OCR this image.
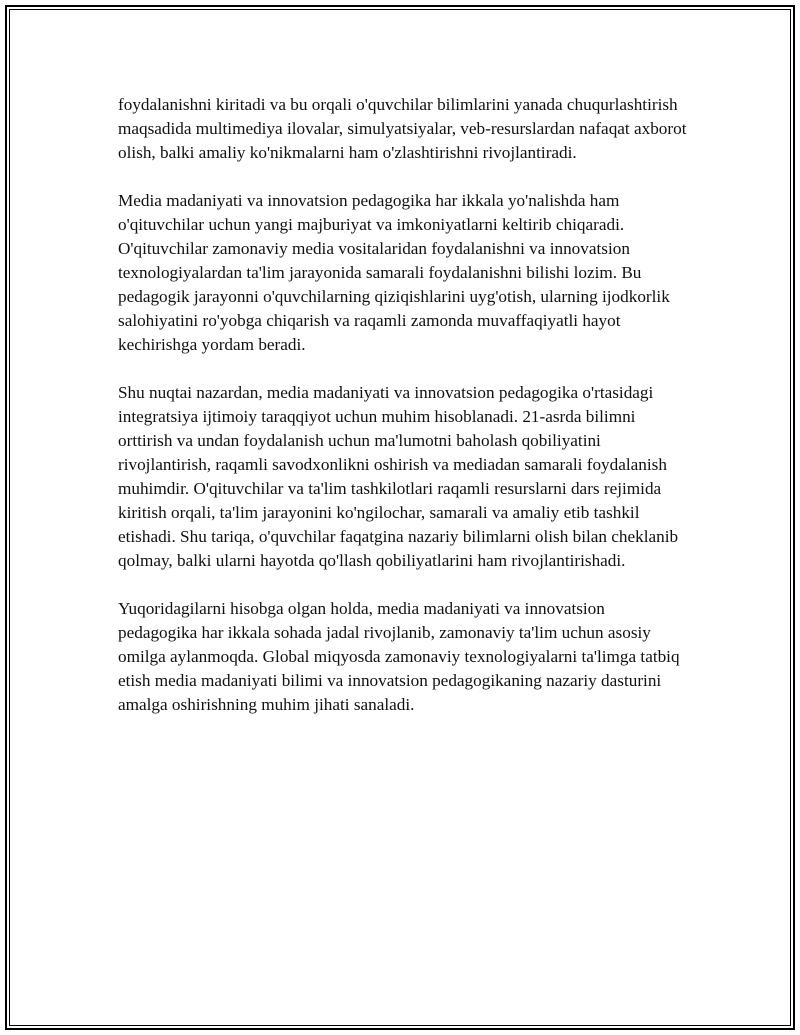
foydalanishni kiritadi va bu orqali o'quvchilar bilimlarini yanada chuqurlashtirish maqsadida multimediya ilovalar, simulyatsiyalar, veb-resurslardan nafaqat axborot olish, balki amaliy ko'nikmalarni ham o'zlashtirishni rivojlantiradi.

Media madaniyati va innovatsion pedagogika har ikkala yo'nalishda ham o'qituvchilar uchun yangi majburiyat va imkoniyatlarni keltirib chiqaradi. O'qituvchilar zamonaviy media vositalaridan foydalanishni va innovatsion texnologiyalardan ta'lim jarayonida samarali foydalanishni bilishi lozim. Bu pedagogik jarayonni o'quvchilarning qiziqishlarini uyg'otish, ularning ijodkorlik salohiyatini ro'yobga chiqarish va raqamli zamonda muvaffaqiyatli hayot kechirishga yordam beradi.

Shu nuqtai nazardan, media madaniyati va innovatsion pedagogika o'rtasidagi integratsiya ijtimoiy taraqqiyot uchun muhim hisoblanadi. 21-asrda bilimni orttirish va undan foydalanish uchun ma'lumotni baholash qobiliyatini rivojlantirish, raqamli savodxonlikni oshirish va mediadan samarali foydalanish muhimdir. O'qituvchilar va ta'lim tashkilotlari raqamli resurslarni dars rejimida kiritish orqali, ta'lim jarayonini ko'ngilochar, samarali va amaliy etib tashkil etishadi. Shu tariqa, o'quvchilar faqatgina nazariy bilimlarni olish bilan cheklanib qolmay, balki ularni hayotda qo'llash qobiliyatlarini ham rivojlantirishadi.

Yuqoridagilarni hisobga olgan holda, media madaniyati va innovatsion pedagogika har ikkala sohada jadal rivojlanib, zamonaviy ta'lim uchun asosiy omilga aylanmoqda. Global miqyosda zamonaviy texnologiyalarni ta'limga tatbiq etish media madaniyati bilimi va innovatsion pedagogikaning nazariy dasturini amalga oshirishning muhim jihati sanaladi.
